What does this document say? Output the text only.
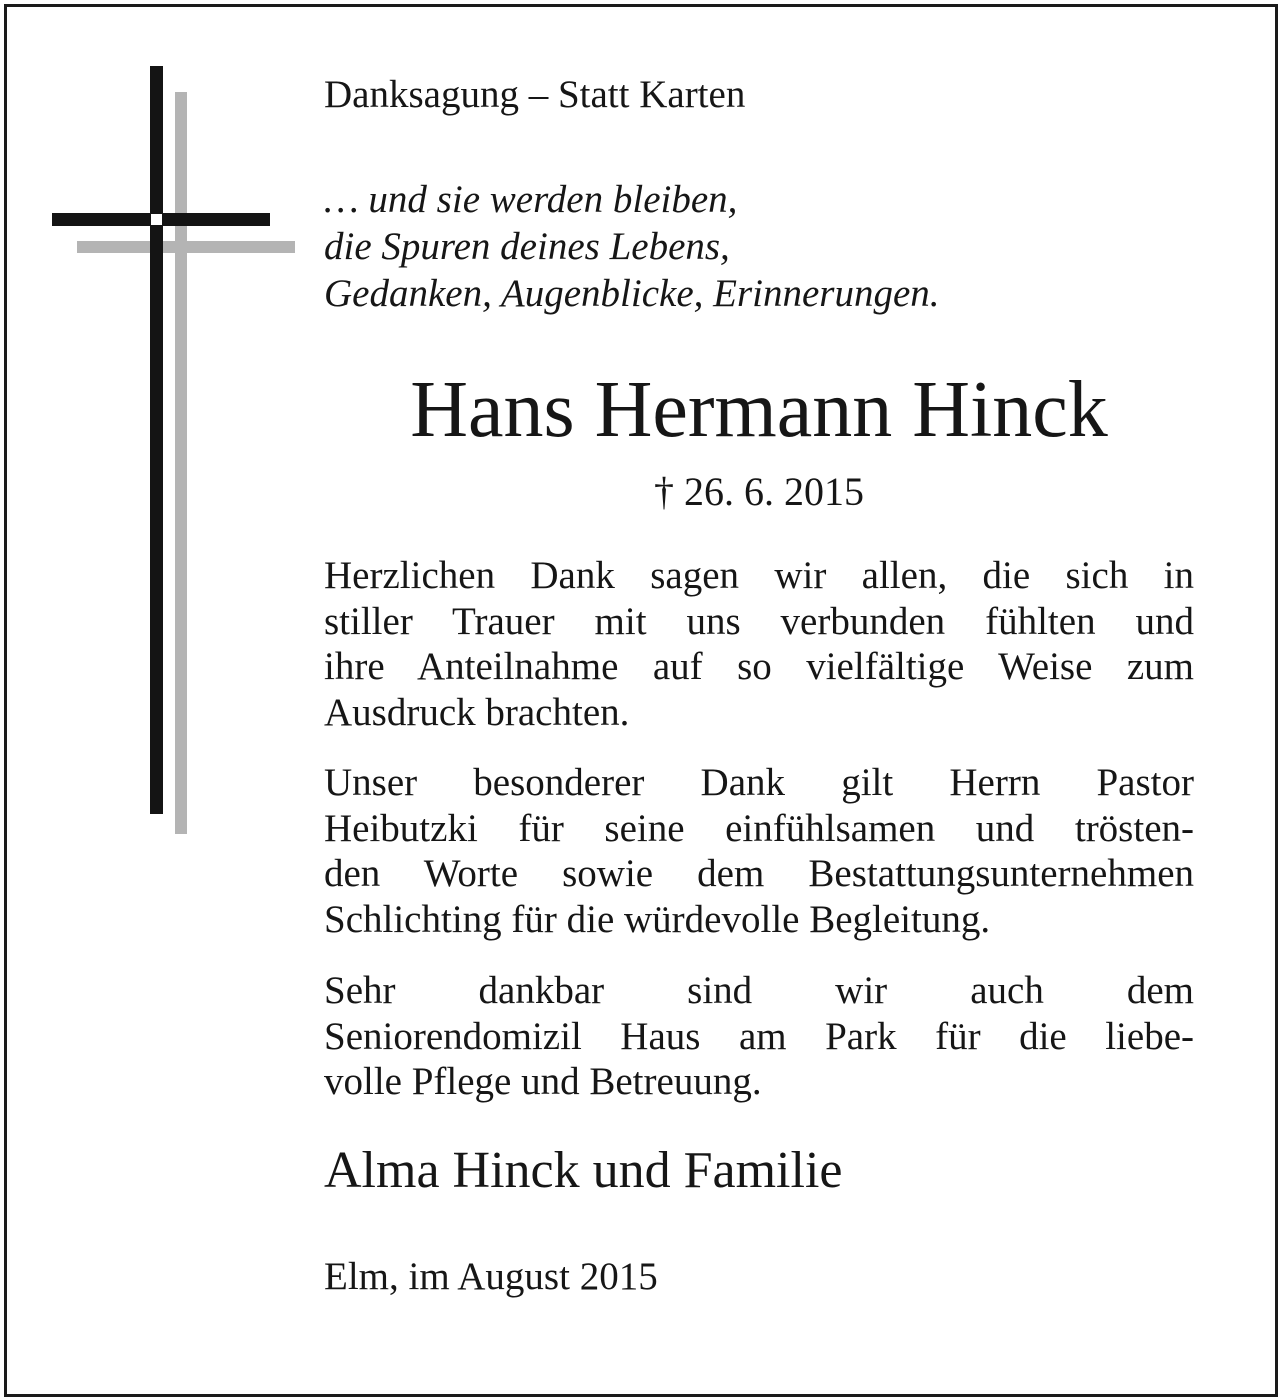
Danksagung – Statt Karten
… und sie werden bleiben,
die Spuren deines Lebens,
Gedanken, Augenblicke, Erinnerungen.
Hans Hermann Hinck
† 26. 6. 2015
Herzlichen Dank sagen wir allen, die sich in
stiller Trauer mit uns verbunden fühlten und
ihre Anteilnahme auf so vielfältige Weise zum
Ausdruck brachten.
Unser besonderer Dank gilt Herrn Pastor
Heibutzki für seine einfühlsamen und trösten-
den Worte sowie dem Bestattungsunternehmen
Schlichting für die würdevolle Begleitung.
Sehr dankbar sind wir auch dem
Seniorendomizil Haus am Park für die liebe-
volle Pflege und Betreuung.
Alma Hinck und Familie
Elm, im August 2015
